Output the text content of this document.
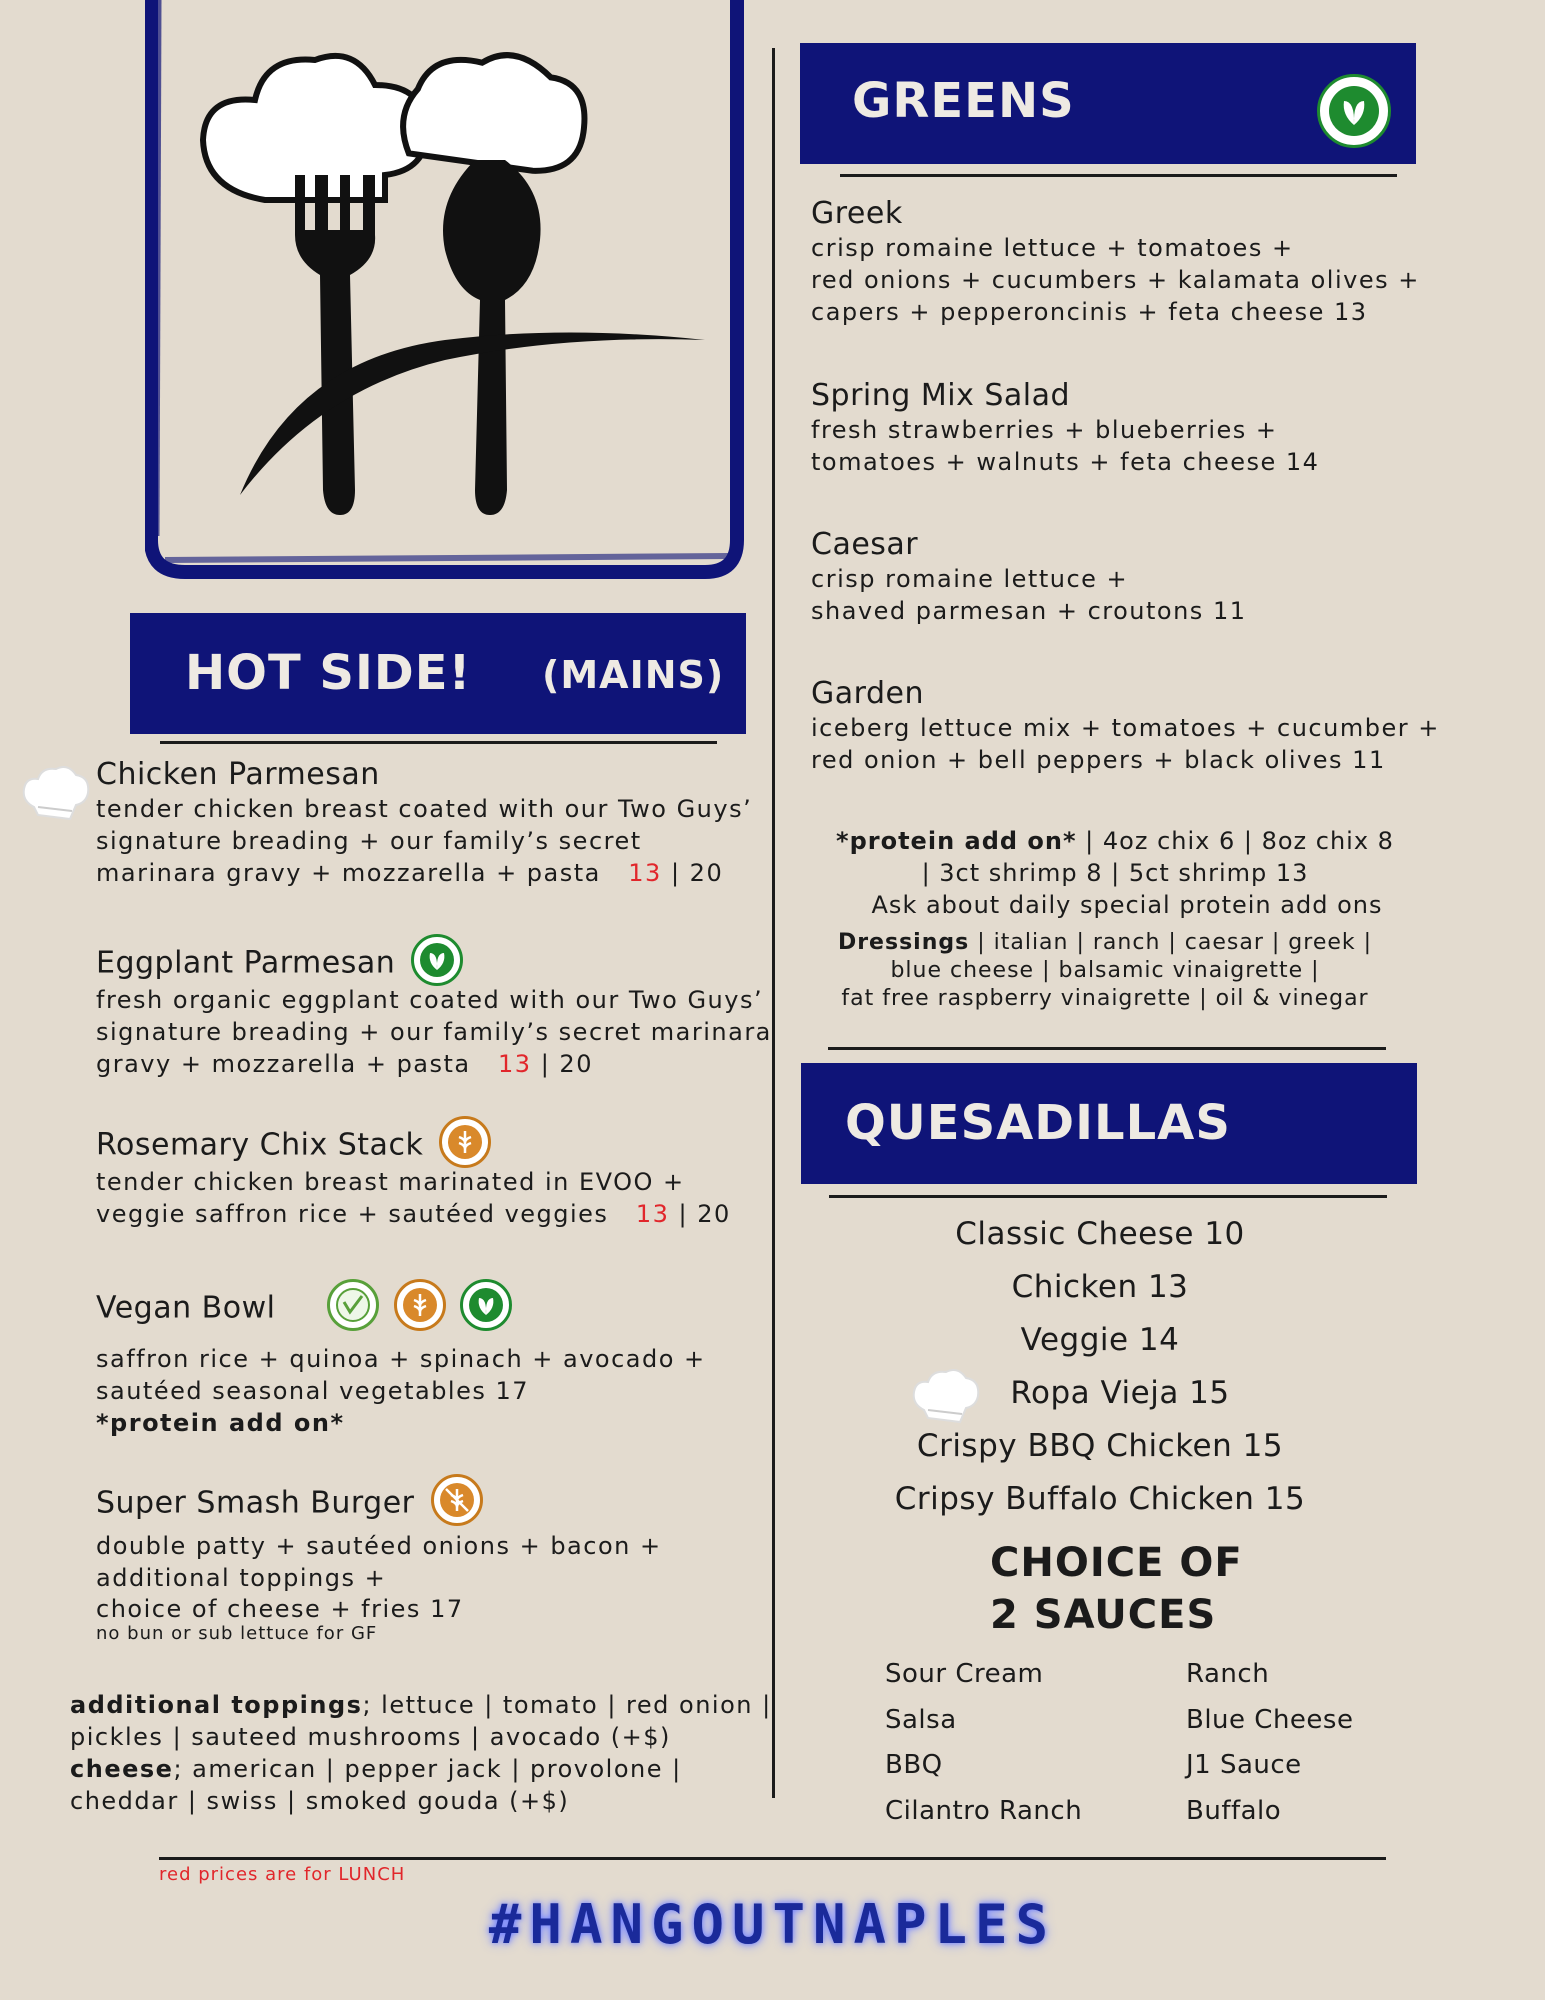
HOT SIDE! (MAINS)
Chicken Parmesan
tender chicken breast coated with our Two Guys’
signature breading + our family’s secret
marinara gravy + mozzarella + pasta 13 | 20
Eggplant Parmesan
fresh organic eggplant coated with our Two Guys’
signature breading + our family’s secret marinara
gravy + mozzarella + pasta 13 | 20
Rosemary Chix Stack
tender chicken breast marinated in EVOO +
veggie saffron rice + sautéed veggies 13 | 20
Vegan Bowl

saffron rice + quinoa + spinach + avocado +
sautéed seasonal vegetables 17
*protein add on*
Super Smash Burger
double patty + sautéed onions + bacon +
additional toppings +
choice of cheese + fries 17
no bun or sub lettuce for GF
additional toppings; lettuce | tomato | red onion |
pickles | sauteed mushrooms | avocado (+$)
cheese; american | pepper jack | provolone |
cheddar | swiss | smoked gouda (+$)
GREENS
Greek
crisp romaine lettuce + tomatoes +
red onions + cucumbers + kalamata olives +
capers + pepperoncinis + feta cheese 13
Spring Mix Salad
fresh strawberries + blueberries +
tomatoes + walnuts + feta cheese 14
Caesar
crisp romaine lettuce +
shaved parmesan + croutons 11
Garden
iceberg lettuce mix + tomatoes + cucumber +
red onion + bell peppers + black olives 11
*protein add on* | 4oz chix 6 | 8oz chix 8
| 3ct shrimp 8 | 5ct shrimp 13
Ask about daily special protein add ons
Dressings | italian | ranch | caesar | greek |
blue cheese | balsamic vinaigrette |
fat free raspberry vinaigrette | oil & vinegar
QUESADILLAS
Classic Cheese 10
Chicken 13
Veggie 14
Ropa Vieja 15
Crispy BBQ Chicken 15
Cripsy Buffalo Chicken 15
CHOICE OF
2 SAUCES
Sour Cream
Salsa
BBQ
Cilantro Ranch
Ranch
Blue Cheese
J1 Sauce
Buffalo
red prices are for LUNCH
#HANGOUTNAPLES
